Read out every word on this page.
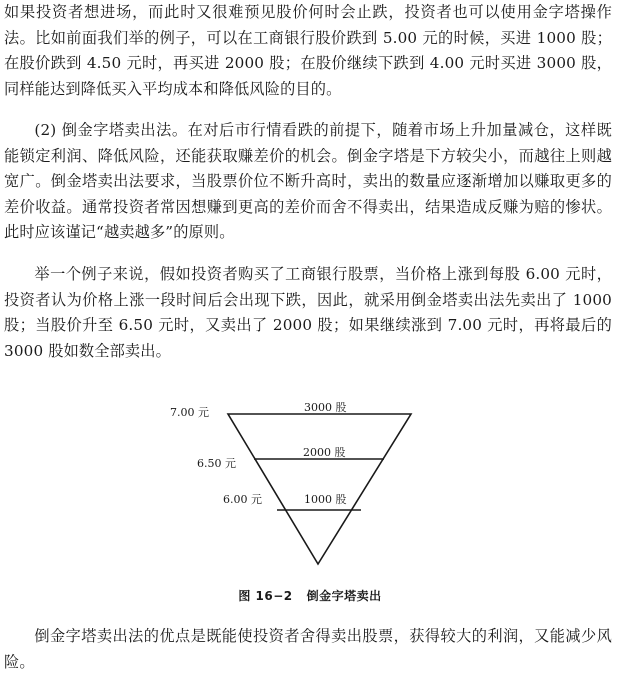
如果投资者想进场，而此时又很难预见股价何时会止跌，投资者也可以使用金字塔操作法。比如前面我们举的例子，可以在工商银行股价跌到 5.00 元的时候，买进 1000 股；在股价跌到 4.50 元时，再买进 2000 股；在股价继续下跌到 4.00 元时买进 3000 股，同样能达到降低买入平均成本和降低风险的目的。

(2) 倒金字塔卖出法。在对后市行情看跌的前提下，随着市场上升加量减仓，这样既能锁定利润、降低风险，还能获取赚差价的机会。倒金字塔是下方较尖小，而越往上则越宽广。倒金塔卖出法要求，当股票价位不断升高时，卖出的数量应逐渐增加以赚取更多的差价收益。通常投资者常因想赚到更高的差价而舍不得卖出，结果造成反赚为赔的惨状。此时应该谨记“越卖越多”的原则。

举一个例子来说，假如投资者购买了工商银行股票，当价格上涨到每股 6.00 元时，投资者认为价格上涨一段时间后会出现下跌，因此，就采用倒金塔卖出法先卖出了 1000 股；当股价升至 6.50 元时，又卖出了 2000 股；如果继续涨到 7.00 元时，再将最后的 3000 股如数全部卖出。

7.00 元
6.50 元
6.00 元
3000 股
2000 股
1000 股
图 16−2 倒金字塔卖出

倒金字塔卖出法的优点是既能使投资者舍得卖出股票，获得较大的利润，又能减少风险。
